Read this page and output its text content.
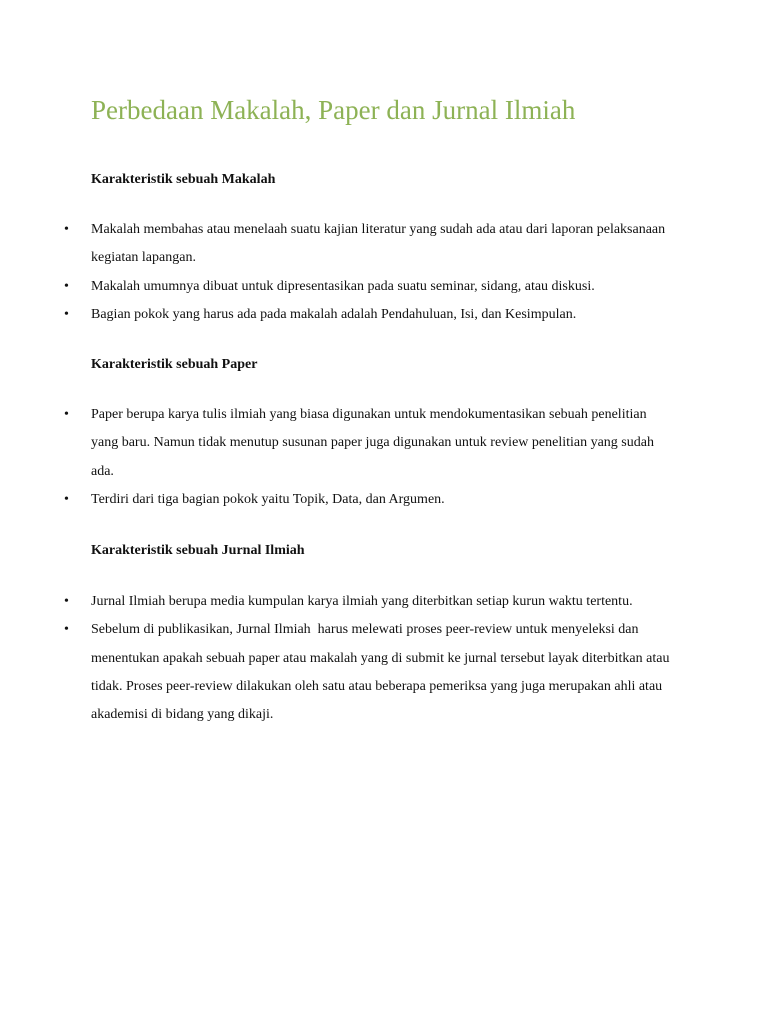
Perbedaan Makalah, Paper dan Jurnal Ilmiah
Karakteristik sebuah Makalah
• Makalah membahas atau menelaah suatu kajian literatur yang sudah ada atau dari laporan pelaksanaan kegiatan lapangan.
• Makalah umumnya dibuat untuk dipresentasikan pada suatu seminar, sidang, atau diskusi.
• Bagian pokok yang harus ada pada makalah adalah Pendahuluan, Isi, dan Kesimpulan.
Karakteristik sebuah Paper
• Paper berupa karya tulis ilmiah yang biasa digunakan untuk mendokumentasikan sebuah penelitian yang baru. Namun tidak menutup susunan paper juga digunakan untuk review penelitian yang sudah ada.
• Terdiri dari tiga bagian pokok yaitu Topik, Data, dan Argumen.
Karakteristik sebuah Jurnal Ilmiah
• Jurnal Ilmiah berupa media kumpulan karya ilmiah yang diterbitkan setiap kurun waktu tertentu.
• Sebelum di publikasikan, Jurnal Ilmiah  harus melewati proses peer-review untuk menyeleksi dan menentukan apakah sebuah paper atau makalah yang di submit ke jurnal tersebut layak diterbitkan atau tidak. Proses peer-review dilakukan oleh satu atau beberapa pemeriksa yang juga merupakan ahli atau akademisi di bidang yang dikaji.
